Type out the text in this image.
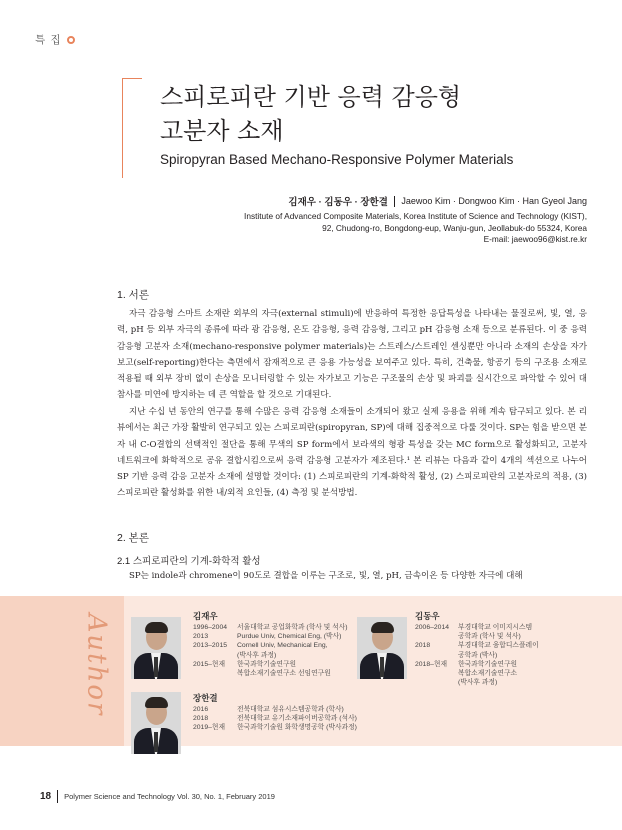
특 집
스피로피란 기반 응력 감응형
고분자 소재
Spiropyran Based Mechano-Responsive Polymer Materials
김재우 · 김동우 · 장한결 Jaewoo Kim · Dongwoo Kim · Han Gyeol Jang
Institute of Advanced Composite Materials, Korea Institute of Science and Technology (KIST),
92, Chudong-ro, Bongdong-eup, Wanju-gun, Jeollabuk-do 55324, Korea
E-mail: jaewoo96@kist.re.kr
1. 서론
자극 감응형 스마트 소재란 외부의 자극(external stimuli)에 반응하여 특정한 응답특성을 나타내는 물질로써, 빛, 열, 응력, pH 등 외부 자극의 종류에 따라 광 감응형, 온도 감응형, 응력 감응형, 그리고 pH 감응형 소재 등으로 분류된다. 이 중 응력 감응형 고분자 소재(mechano-responsive polymer materials)는 스트레스/스트레인 센싱뿐만 아니라 소재의 손상을 자가보고(self-reporting)한다는 측면에서 잠재적으로 큰 응용 가능성을 보여주고 있다. 특히, 건축물, 항공기 등의 구조용 소재로 적용될 때 외부 장비 없이 손상을 모니터링할 수 있는 자가보고 기능은 구조물의 손상 및 파괴를 실시간으로 파악할 수 있어 대참사를 미연에 방지하는 데 큰 역할을 할 것으로 기대된다.
지난 수십 년 동안의 연구를 통해 수많은 응력 감응형 소재들이 소개되어 왔고 실제 응용을 위해 계속 탐구되고 있다. 본 리뷰에서는 최근 가장 활발히 연구되고 있는 스피로피란(spiropyran, SP)에 대해 집중적으로 다룰 것이다. SP는 힘을 받으면 분자 내 C-O결합의 선택적인 절단을 통해 무색의 SP form에서 보라색의 형광 특성을 갖는 MC form으로 활성화되고, 고분자 네트워크에 화학적으로 공유 결합시킴으로써 응력 감응형 고분자가 제조된다.¹ 본 리뷰는 다음과 같이 4개의 섹션으로 나누어 SP 기반 응력 감응 고분자 소재에 설명할 것이다: (1) 스피로피란의 기계-화학적 활성, (2) 스피로피란의 고분자로의 적용, (3) 스피로피란 활성화를 위한 내/외적 요인들, (4) 측정 및 분석방법.
2. 본론
2.1 스피로피란의 기계-화학적 활성
SP는 indole과 chromene이 90도로 결합을 이루는 구조로, 빛, 열, pH, 금속이온 등 다양한 자극에 대해
Author	김재우
1996–2004	서울대학교 공업화학과 (학사 및 석사)
2013	Purdue Univ, Chemical Eng, (박사)
2013–2015	Cornell Univ, Mechanical Eng,
(박사후 과정)
2015–현재	한국과학기술연구원
복합소재기술연구소 선임연구원
김동우
2006–2014	부경대학교 이미지시스템
공학과 (학사 및 석사)
2018	부경대학교 융합디스플레이
공학과 (박사)
2018–현재	한국과학기술연구원
복합소재기술연구소
(박사후 과정)
장한결
2016	전북대학교 섬유시스템공학과 (학사)
2018	전북대학교 유기소재파이버공학과 (석사)
2019–현재	한국과학기술원 화학생명공학 (박사과정)
18 Polymer Science and Technology Vol. 30, No. 1, February 2019
